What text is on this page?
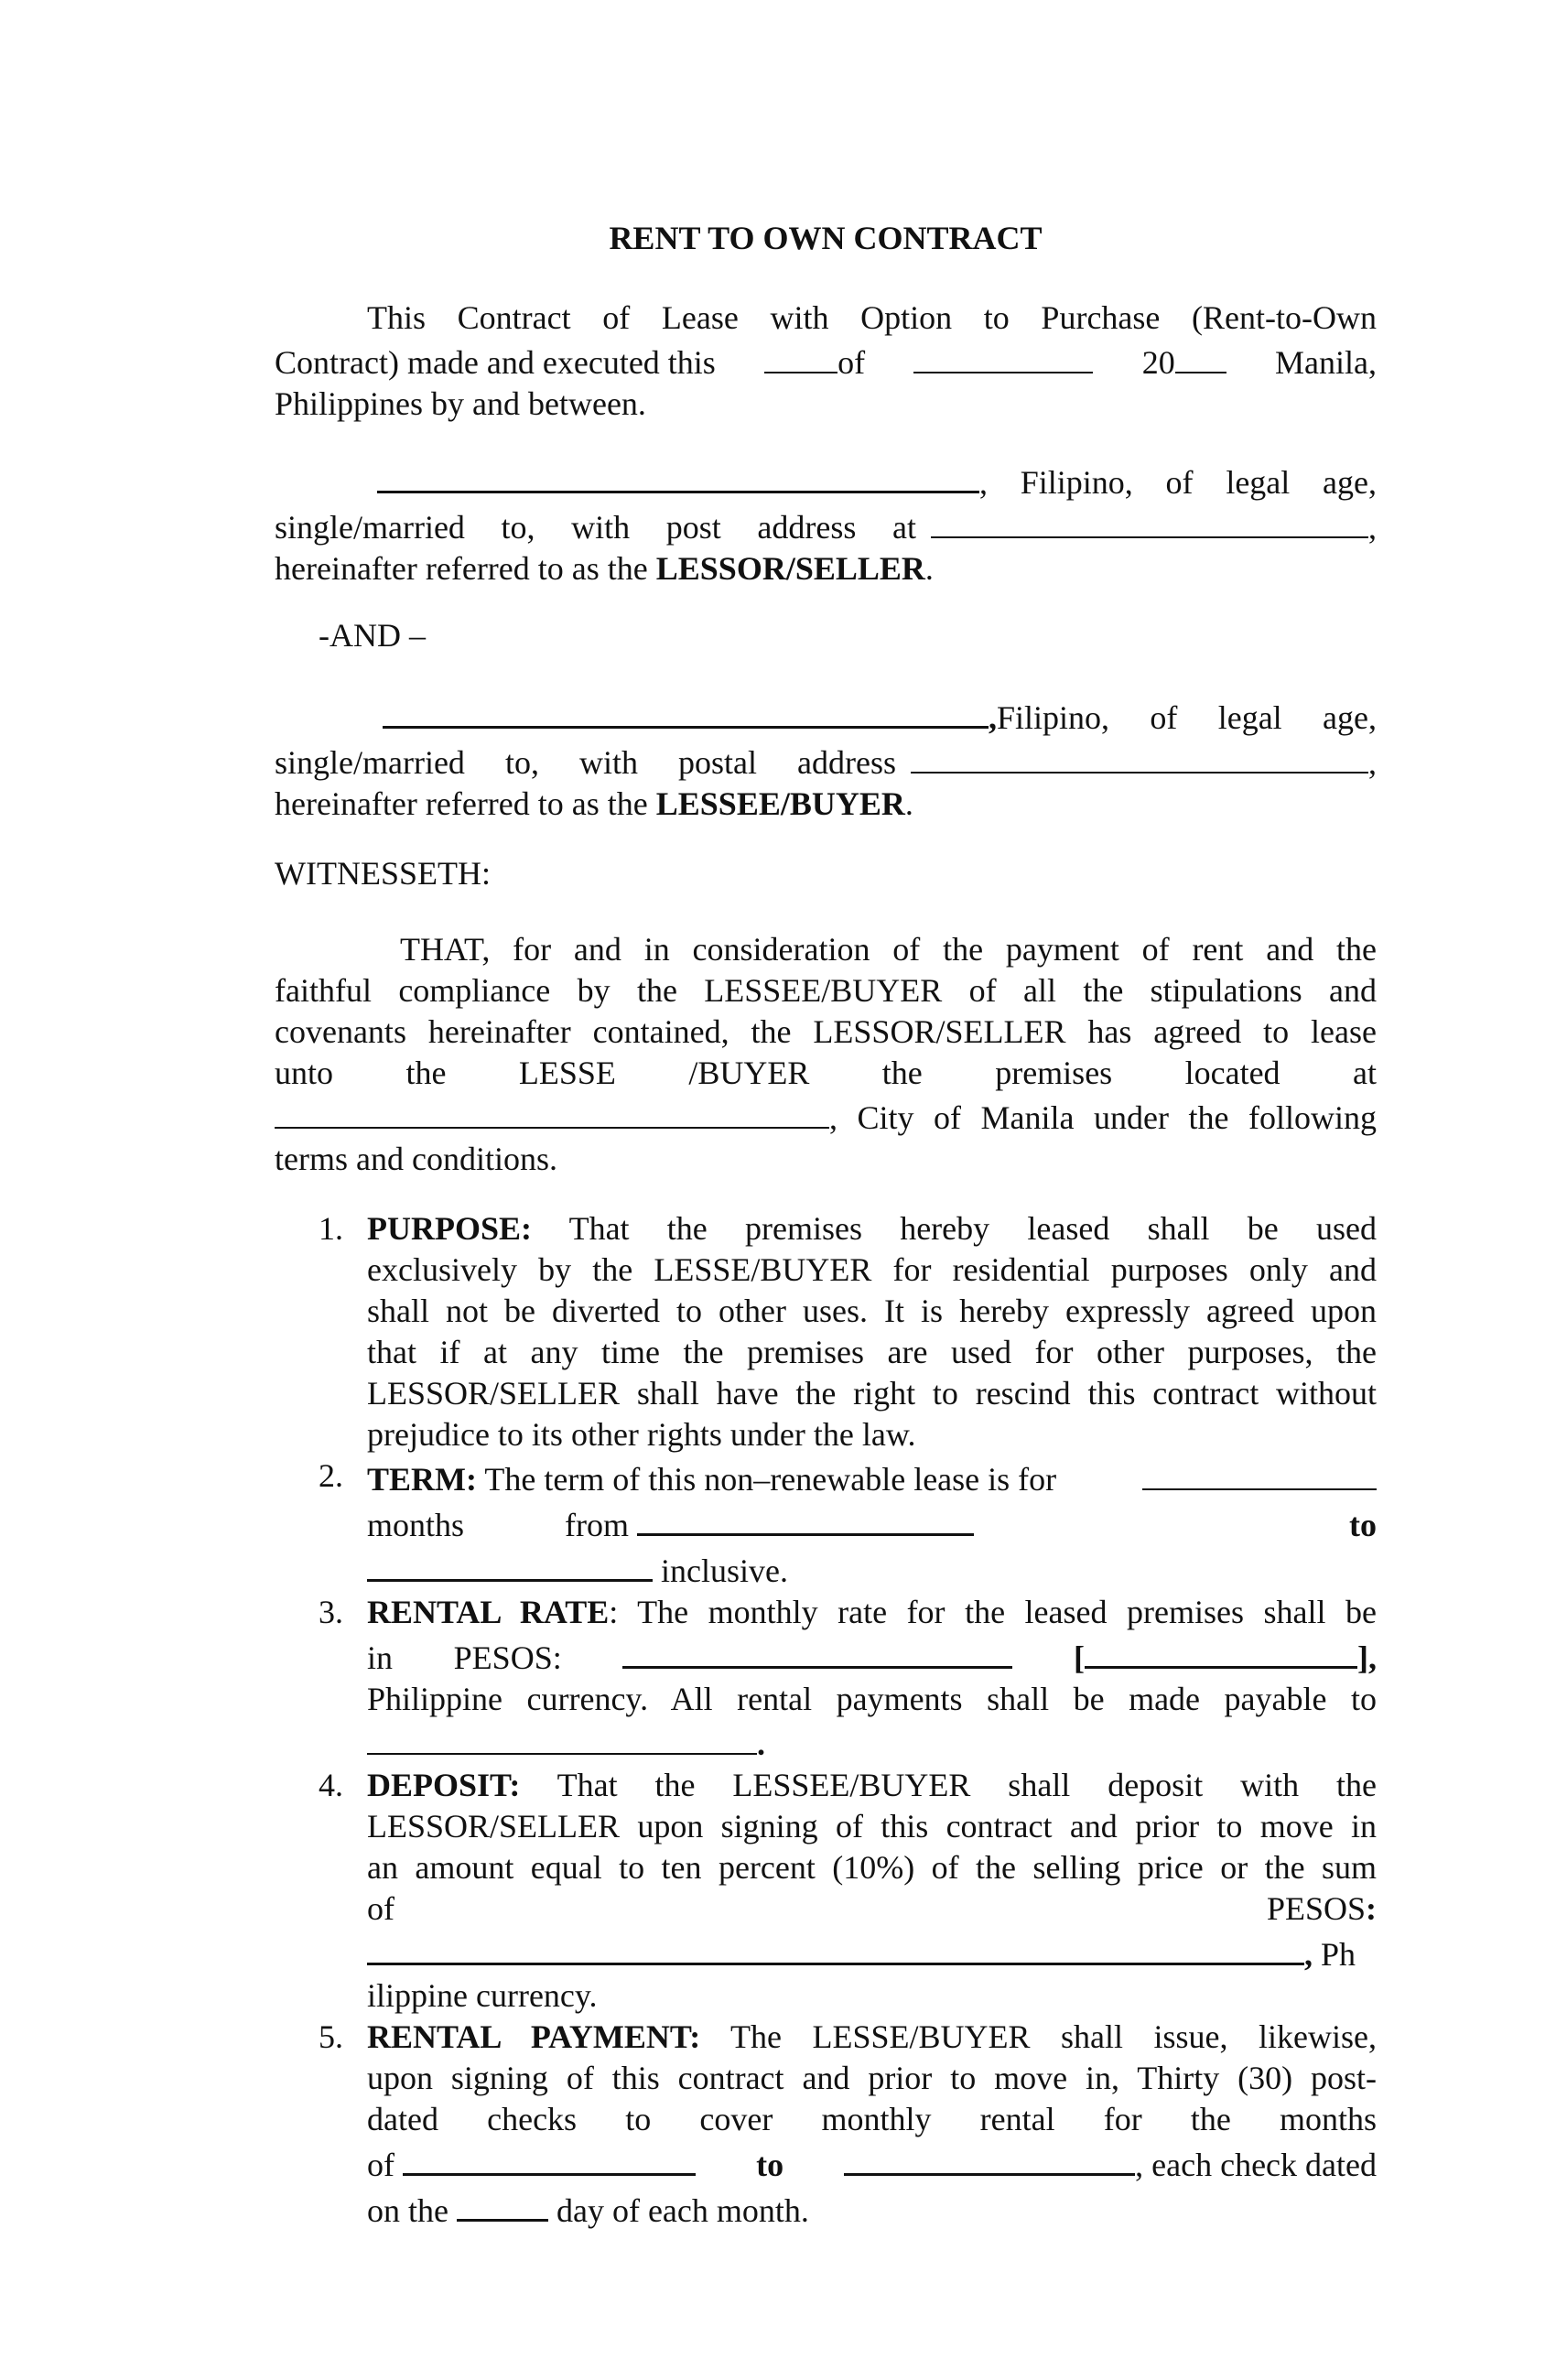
RENT TO OWN CONTRACT
This Contract of Lease with Option to Purchase (Rent-to-Own
Contract) made and executed this	of	20	Manila,
Philippines by and between.
, Filipino, of legal age,
single/married to, with post address at	,
hereinafter referred to as the LESSOR/SELLER.
-AND –
, Filipino, of legal age,
single/married to, with postal address	,
hereinafter referred to as the LESSEE/BUYER.
WITNESSETH:
THAT, for and in consideration of the payment of rent and the
faithful compliance by the LESSEE/BUYER of all the stipulations and
covenants hereinafter contained, the LESSOR/SELLER has agreed to lease
unto the LESSE /BUYER the premises located at
, City of Manila under the following
terms and conditions.
1. PURPOSE: That the premises hereby leased shall be used
exclusively by the LESSE/BUYER for residential purposes only and
shall not be diverted to other uses. It is hereby expressly agreed upon
that if at any time the premises are used for other purposes, the
LESSOR/SELLER shall have the right to rescind this contract without
prejudice to its other rights under the law.
2. TERM: The term of this non–renewable lease is for
months	from	to
inclusive.
3. RENTAL RATE: The monthly rate for the leased premises shall be
in PESOS:	[	],
Philippine currency. All rental payments shall be made payable to
.
4. DEPOSIT: That the LESSEE/BUYER shall deposit with the
LESSOR/SELLER upon signing of this contract and prior to move in
an amount equal to ten percent (10%) of the selling price or the sum
of	PESOS:
, Ph
ilippine currency.
5. RENTAL PAYMENT: The LESSE/BUYER shall issue, likewise,
upon signing of this contract and prior to move in, Thirty (30) post-
dated checks to cover monthly rental for the months
of	to	, each check dated
on the	day of each month.
